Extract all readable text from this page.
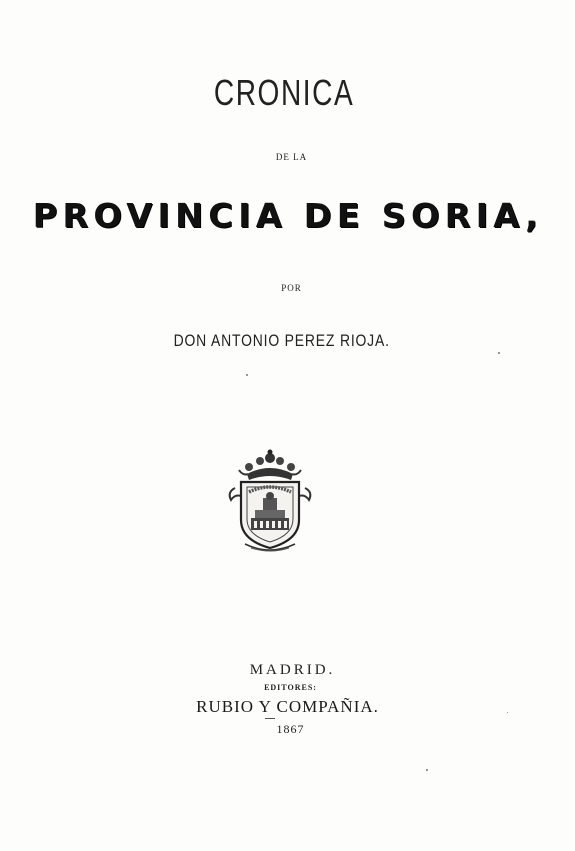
CRONICA
DE LA
PROVINCIA DE SORIA,
POR
DON ANTONIO PEREZ RIOJA.
MADRID.
EDITORES:
RUBIO Y COMPAÑIA.
1867
